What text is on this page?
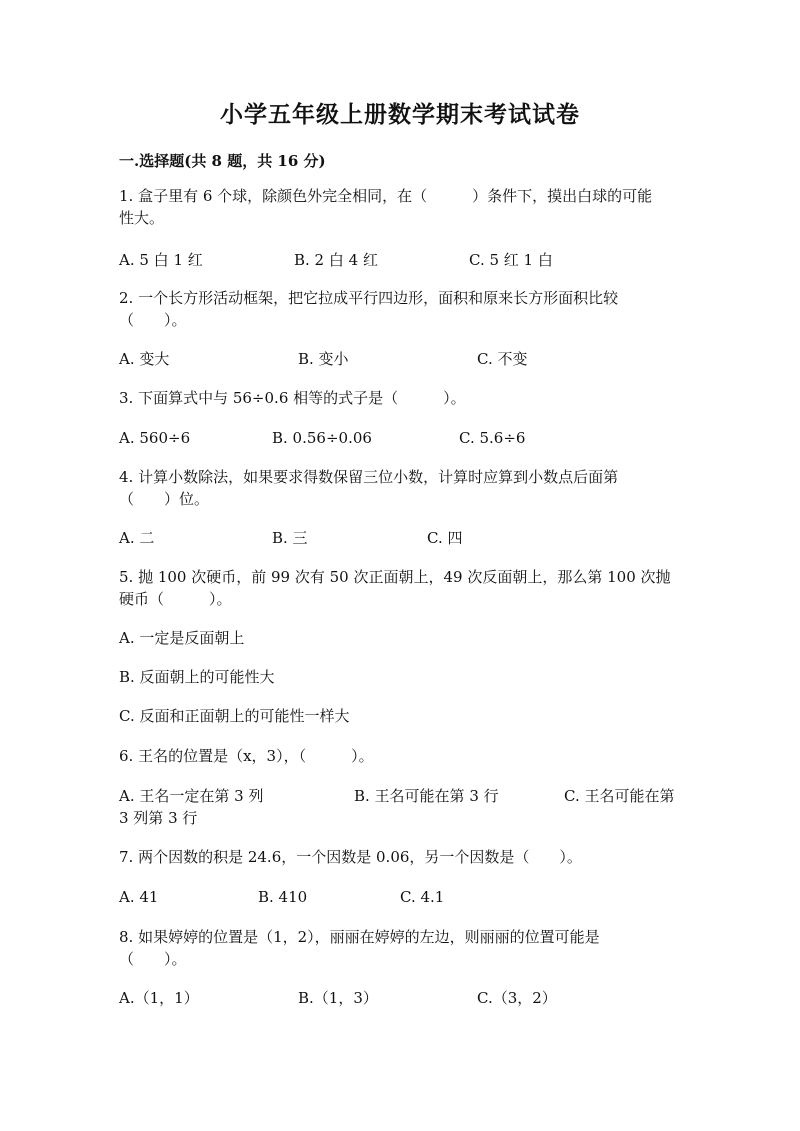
小学五年级上册数学期末考试试卷
一.选择题(共 8 题，共 16 分)
1. 盒子里有 6 个球，除颜色外完全相同，在（　　　）条件下，摸出白球的可能
性大。
A. 5 白 1 红	B. 2 白 4 红	C. 5 红 1 白
2. 一个长方形活动框架，把它拉成平行四边形，面积和原来长方形面积比较
（　　）。
A. 变大	B. 变小	C. 不变
3. 下面算式中与 56÷0.6 相等的式子是（　　　）。
A. 560÷6	B. 0.56÷0.06	C. 5.6÷6
4. 计算小数除法，如果要求得数保留三位小数，计算时应算到小数点后面第
（　　）位。
A. 二	B. 三	C. 四
5. 抛 100 次硬币，前 99 次有 50 次正面朝上，49 次反面朝上，那么第 100 次抛
硬币（　　　）。
A. 一定是反面朝上
B. 反面朝上的可能性大
C. 反面和正面朝上的可能性一样大
6. 王名的位置是（x，3），（　　　）。
A. 王名一定在第 3 列	B. 王名可能在第 3 行	C. 王名可能在第
3 列第 3 行
7. 两个因数的积是 24.6，一个因数是 0.06，另一个因数是（　　）。
A. 41	B. 410	C. 4.1
8. 如果婷婷的位置是（1，2），丽丽在婷婷的左边，则丽丽的位置可能是
（　　）。
A.（1，1）	B.（1，3）	C.（3，2）
